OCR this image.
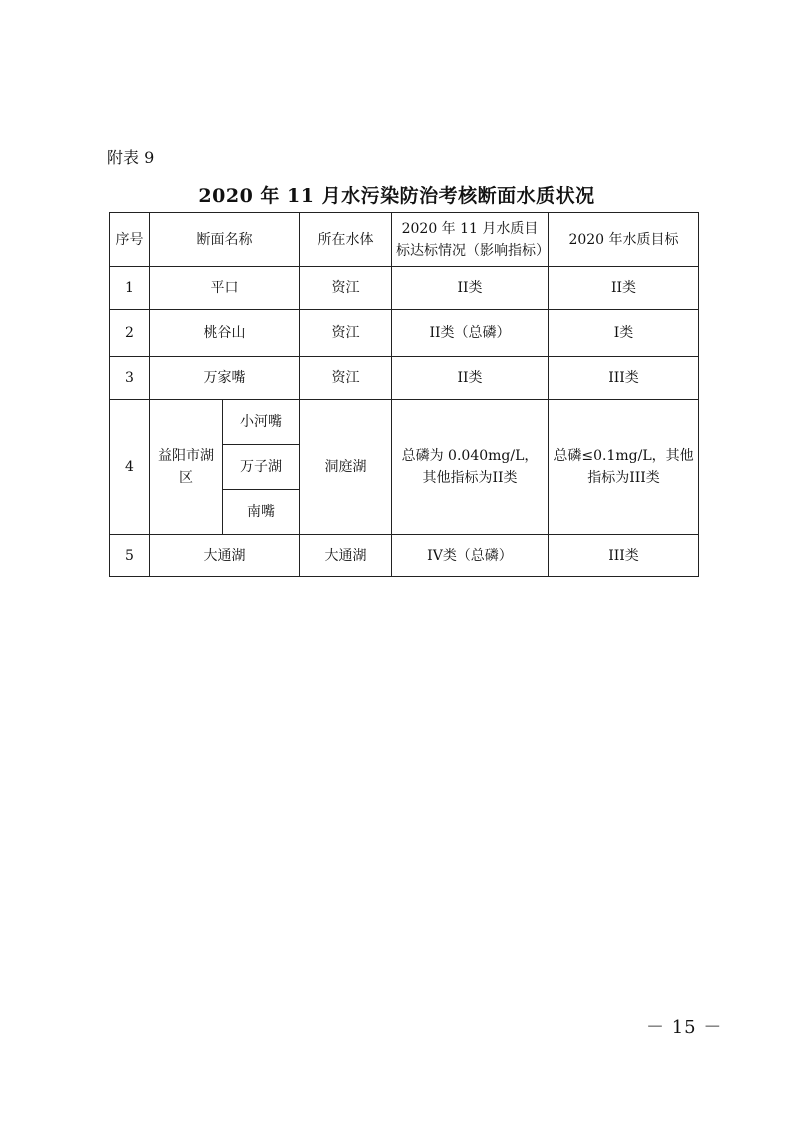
附表 9
2020 年 11 月水污染防治考核断面水质状况
序号	断面名称		所在水体	2020 年 11 月水质目标达标情况（影响指标）	2020 年水质目标
1	平口		资江	II类	II类
2	桃谷山		资江	II类（总磷）	I类
3	万家嘴		资江	II类	III类
4	益阳市湖区	小河嘴	洞庭湖	总磷为 0.040mg/L，其他指标为II类	总磷≤0.1mg/L，其他指标为III类
		万子湖			
		南嘴			
5	大通湖		大通湖	IV类（总磷）	III类
－ 15 －
